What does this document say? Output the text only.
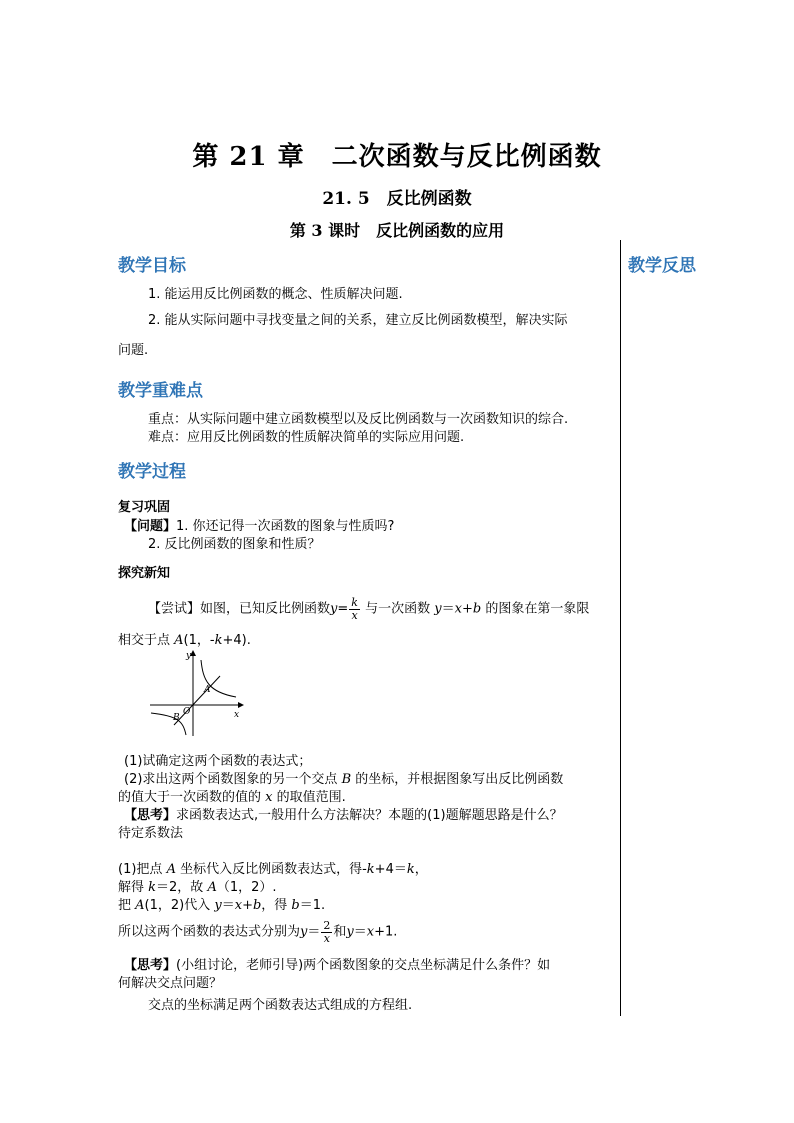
第 21 章　二次函数与反比例函数
21. 5　反比例函数
第 3 课时　反比例函数的应用
教学反思
教学目标
1. 能运用反比例函数的概念、性质解决问题.
2. 能从实际问题中寻找变量之间的关系，建立反比例函数模型，解决实际
问题.
教学重难点
重点：从实际问题中建立函数模型以及反比例函数与一次函数知识的综合.
难点：应用反比例函数的性质解决简单的实际应用问题.
教学过程
复习巩固
【问题】1. 你还记得一次函数的图象与性质吗?
2. 反比例函数的图象和性质？
探究新知
【尝试】如图，已知反比例函数$y= \frac{k}{x}$ 与一次函数 y＝x+b 的图象在第一象限
相交于点 A(1，-k+4).
y
x
O
A
B
(1)试确定这两个函数的表达式；
(2)求出这两个函数图象的另一个交点 B 的坐标，并根据图象写出反比例函数
的值大于一次函数的值的 x 的取值范围.
【思考】求函数表达式,一般用什么方法解决？本题的(1)题解题思路是什么？
待定系数法
(1)把点 A 坐标代入反比例函数表达式，得-k+4＝k，
解得 k＝2，故 A（1，2）.
把 A(1，2)代入 y＝x+b，得 b＝1.
所以这两个函数的表达式分别为$y= \frac{2}{x}$ 和y＝x+1.
【思考】(小组讨论，老师引导)两个函数图象的交点坐标满足什么条件？如
何解决交点问题？
交点的坐标满足两个函数表达式组成的方程组.
